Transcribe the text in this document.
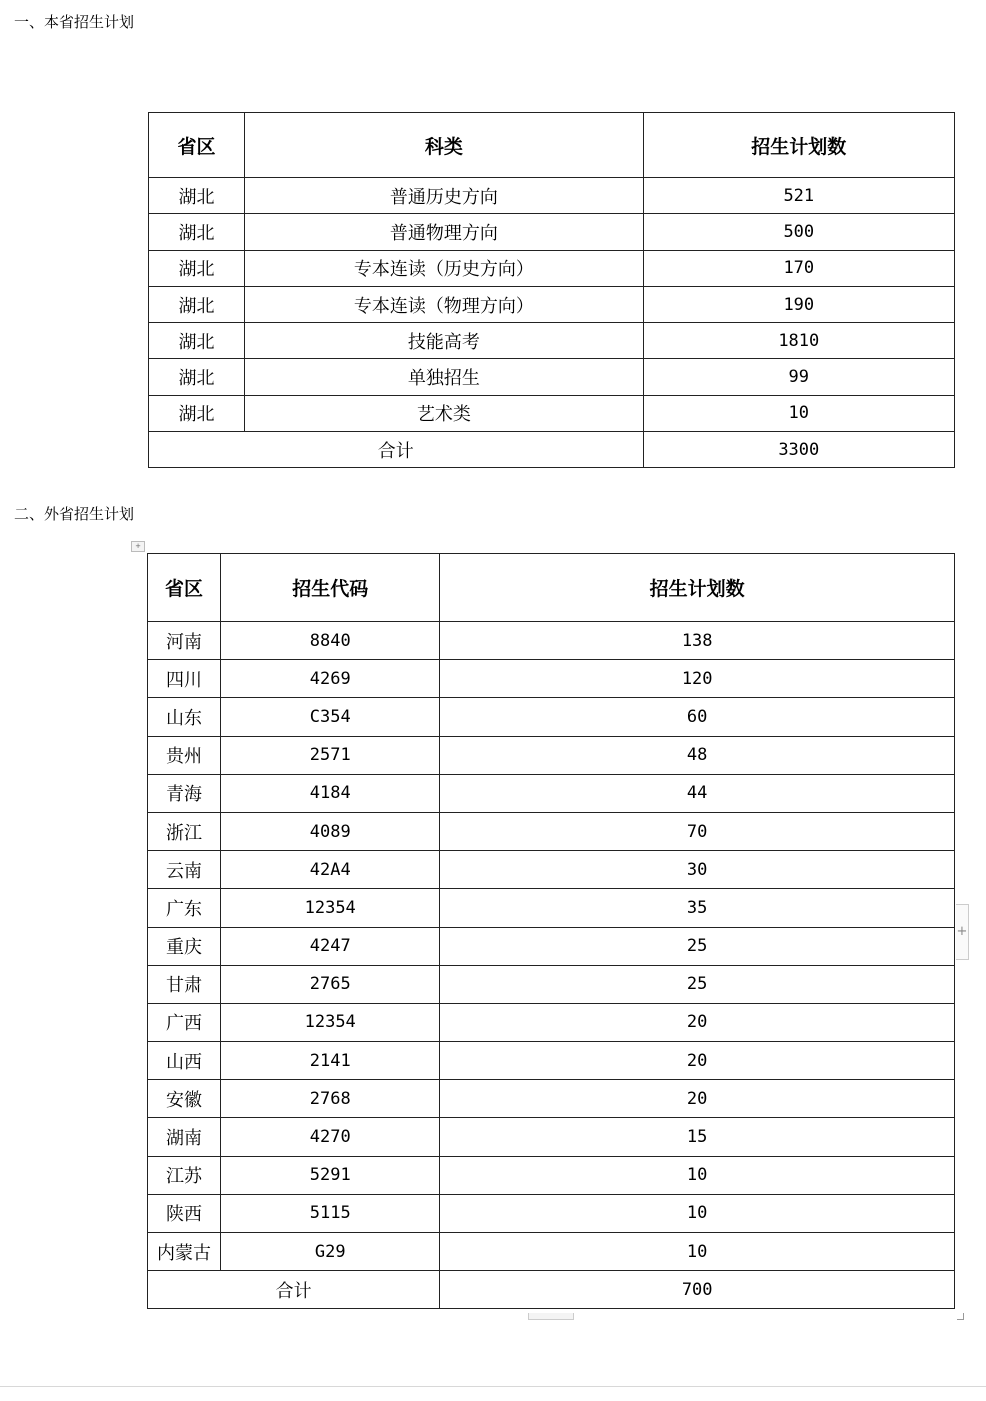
一、本省招生计划
省区	科类	招生计划数
湖北	普通历史方向	521
湖北	普通物理方向	500
湖北	专本连读（历史方向）	170
湖北	专本连读（物理方向）	190
湖北	技能高考	1810
湖北	单独招生	99
湖北	艺术类	10
合计		3300
二、外省招生计划
+
省区	招生代码	招生计划数
河南	8840	138
四川	4269	120
山东	C354	60
贵州	2571	48
青海	4184	44
浙江	4089	70
云南	42A4	30
广东	12354	35
重庆	4247	25
甘肃	2765	25
广西	12354	20
山西	2141	20
安徽	2768	20
湖南	4270	15
江苏	5291	10
陕西	5115	10
内蒙古	G29	10
合计		700
+
